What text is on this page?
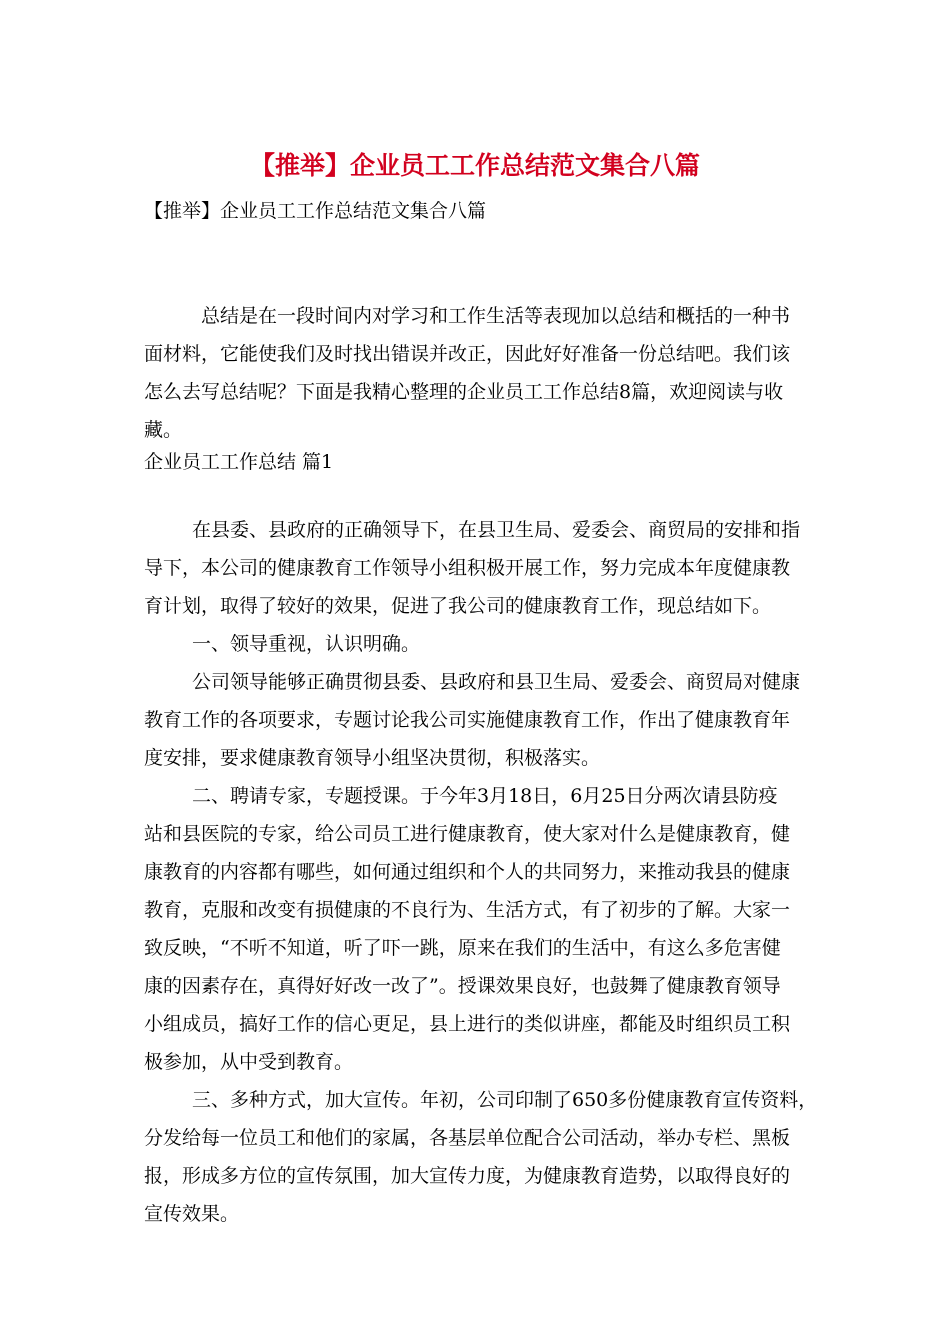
【推举】企业员工工作总结范文集合八篇
【推举】企业员工工作总结范文集合八篇
总结是在一段时间内对学习和工作生活等表现加以总结和概括的一种书
面材料，它能使我们及时找出错误并改正，因此好好准备一份总结吧。我们该
怎么去写总结呢？下面是我精心整理的企业员工工作总结8篇，欢迎阅读与收
藏。
企业员工工作总结 篇1
在县委、县政府的正确领导下，在县卫生局、爱委会、商贸局的安排和指
导下，本公司的健康教育工作领导小组积极开展工作，努力完成本年度健康教
育计划，取得了较好的效果，促进了我公司的健康教育工作，现总结如下。
一、领导重视，认识明确。
公司领导能够正确贯彻县委、县政府和县卫生局、爱委会、商贸局对健康
教育工作的各项要求，专题讨论我公司实施健康教育工作，作出了健康教育年
度安排，要求健康教育领导小组坚决贯彻，积极落实。
二、聘请专家，专题授课。于今年3月18日，6月25日分两次请县防疫
站和县医院的专家，给公司员工进行健康教育，使大家对什么是健康教育，健
康教育的内容都有哪些，如何通过组织和个人的共同努力，来推动我县的健康
教育，克服和改变有损健康的不良行为、生活方式，有了初步的了解。大家一
致反映，“不听不知道，听了吓一跳，原来在我们的生活中，有这么多危害健
康的因素存在，真得好好改一改了”。授课效果良好，也鼓舞了健康教育领导
小组成员，搞好工作的信心更足，县上进行的类似讲座，都能及时组织员工积
极参加，从中受到教育。
三、多种方式，加大宣传。年初，公司印制了650多份健康教育宣传资料，
分发给每一位员工和他们的家属，各基层单位配合公司活动，举办专栏、黑板
报，形成多方位的宣传氛围，加大宣传力度，为健康教育造势，以取得良好的
宣传效果。
